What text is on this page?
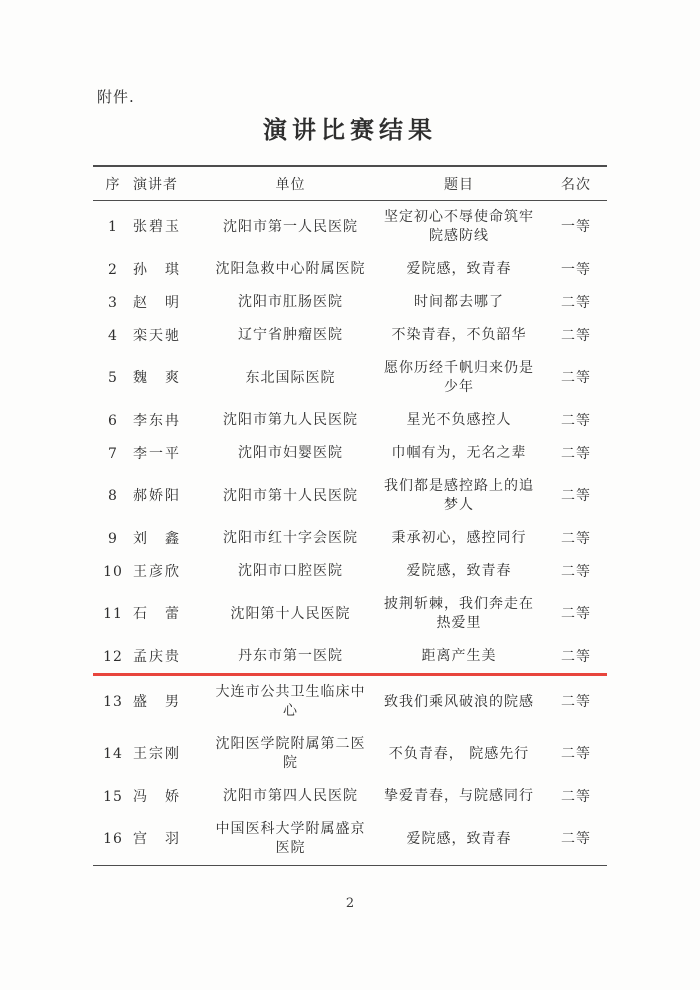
附件.
演讲比赛结果
序	演讲者	单位	题目	名次
1	张碧玉	沈阳市第一人民医院	坚定初心不辱使命筑牢院感防线	一等
2	孙　琪	沈阳急救中心附属医院	爱院感，致青春	一等
3	赵　明	沈阳市肛肠医院	时间都去哪了	二等
4	栾天驰	辽宁省肿瘤医院	不染青春，不负韶华	二等
5	魏　爽	东北国际医院	愿你历经千帆归来仍是少年	二等
6	李东冉	沈阳市第九人民医院	星光不负感控人	二等
7	李一平	沈阳市妇婴医院	巾帼有为，无名之辈	二等
8	郝娇阳	沈阳市第十人民医院	我们都是感控路上的追梦人	二等
9	刘　鑫	沈阳市红十字会医院	秉承初心，感控同行	二等
10	王彦欣	沈阳市口腔医院	爱院感，致青春	二等
11	石　蕾	沈阳第十人民医院	披荆斩棘，我们奔走在热爱里	二等
12	孟庆贵	丹东市第一医院	距离产生美	二等
13	盛　男	大连市公共卫生临床中心	致我们乘风破浪的院感	二等
14	王宗刚	沈阳医学院附属第二医院	不负青春， 院感先行	二等
15	冯　娇	沈阳市第四人民医院	挚爱青春，与院感同行	二等
16	宫　羽	中国医科大学附属盛京医院	爱院感，致青春	二等
2
